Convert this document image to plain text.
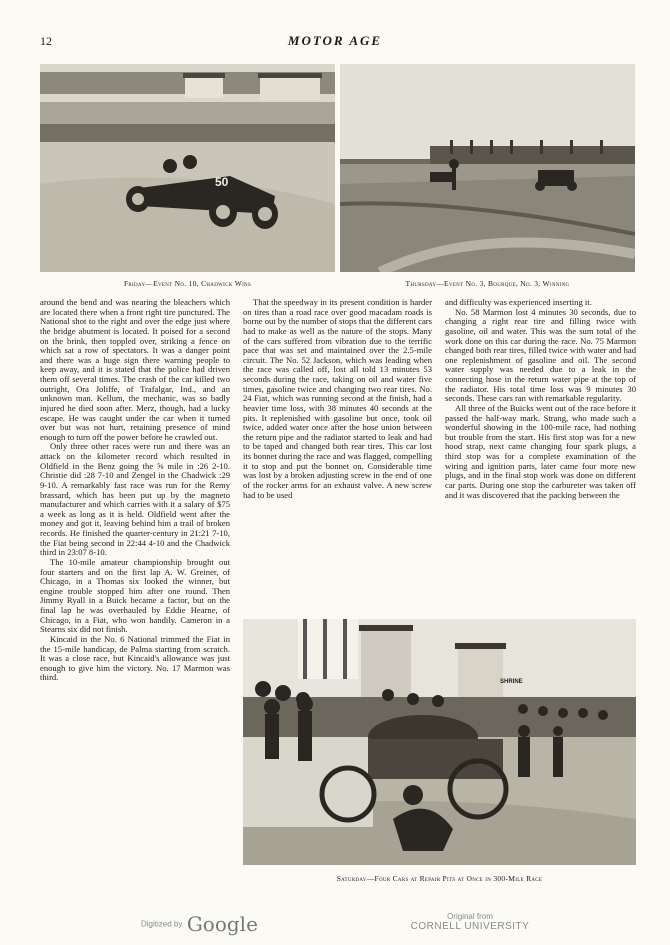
12	MOTOR AGE
50
Friday—Event No. 10, Chadwick Wins	Thursday—Event No. 3, Bourque, No. 3, Winning

around the bend and was nearing the bleachers which are located there when a front right tire punctured. The National shot to the right and over the edge just where the bridge abutment is located. It poised for a second on the brink, then toppled over, striking a fence on which sat a row of spectators. It was a danger point and there was a huge sign there warning people to keep away, and it is stated that the police had driven them off several times. The crash of the car killed two outright, Ora Joliffe, of Trafalgar, Ind., and an unknown man. Kellum, the mechanic, was so badly injured he died soon after. Merz, though, had a lucky escape. He was caught under the car when it turned over but was not hurt, retaining presence of mind enough to turn off the power before he crawled out.

Only three other races were run and there was an attack on the kilometer record which resulted in Oldfield in the Benz going the ⅝ mile in :26 2-10. Christie did :28 7-10 and Zengel in the Chadwick :29 9-10. A remarkably fast race was run for the Remy brassard, which has been put up by the magneto manufacturer and which carries with it a salary of $75 a week as long as it is held. Oldfield went after the money and got it, leaving behind him a trail of broken records. He finished the quarter-century in 21:21 7-10, the Fiat being second in 22:44 4-10 and the Chadwick third in 23:07 8-10.

The 10-mile amateur championship brought out four starters and on the first lap A. W. Greiner, of Chicago, in a Thomas six looked the winner, but engine trouble stopped him after one round. Then Jimmy Ryall in a Buick became a factor, but on the final lap he was overhauled by Eddie Hearne, of Chicago, in a Fiat, who won handily. Cameron in a Stearns six did not finish.

Kincaid in the No. 6 National trimmed the Fiat in the 15-mile handicap, de Palma starting from scratch. It was a close race, but Kincaid's allowance was just enough to give him the victory. No. 17 Marmon was third.

That the speedway in its present condition is harder on tires than a road race over good macadam roads is borne out by the number of stops that the different cars had to make as well as the nature of the stops. Many of the cars suffered from vibration due to the terrific pace that was set and maintained over the 2.5-mile circuit. The No. 52 Jackson, which was leading when the race was called off, lost all told 13 minutes 53 seconds during the race, taking on oil and water five times, gasoline twice and changing two rear tires. No. 24 Fiat, which was running second at the finish, had a heavier time loss, with 38 minutes 40 seconds at the pits. It replenished with gasoline but once, took oil twice, added water once after the hose union between the return pipe and the radiator started to leak and had to be taped and changed both rear tires. This car lost its bonnet during the race and was flagged, compelling it to stop and put the bonnet on. Considerable time was lost by a broken adjusting screw in the end of one of the rocker arms for an exhaust valve. A new screw had to be used

and difficulty was experienced inserting it.

No. 58 Marmon lost 4 minutes 30 seconds, due to changing a right rear tire and filling twice with gasoline, oil and water. This was the sum total of the work done on this car during the race. No. 75 Marmon changed both rear tires, filled twice with water and had one replenishment of gasoline and oil. The second water supply was needed due to a leak in the connecting hose in the return water pipe at the top of the radiator. His total time loss was 9 minutes 30 seconds. These cars ran with remarkable regularity.

All three of the Buicks went out of the race before it passed the half-way mark. Strang, who made such a wonderful showing in the 100-mile race, had nothing but trouble from the start. His first stop was for a new hood strap, next came changing four spark plugs, a third stop was for a complete examination of the wiring and ignition parts, later came four more new plugs, and in the final stop work was done on different car parts. During one stop the carbureter was taken off and it was discovered that the packing between the

SHRINE
Saturday—Four Cars at Repair Pits at Once in 300-Mile Race
Digitized by Google	Original from
CORNELL UNIVERSITY
